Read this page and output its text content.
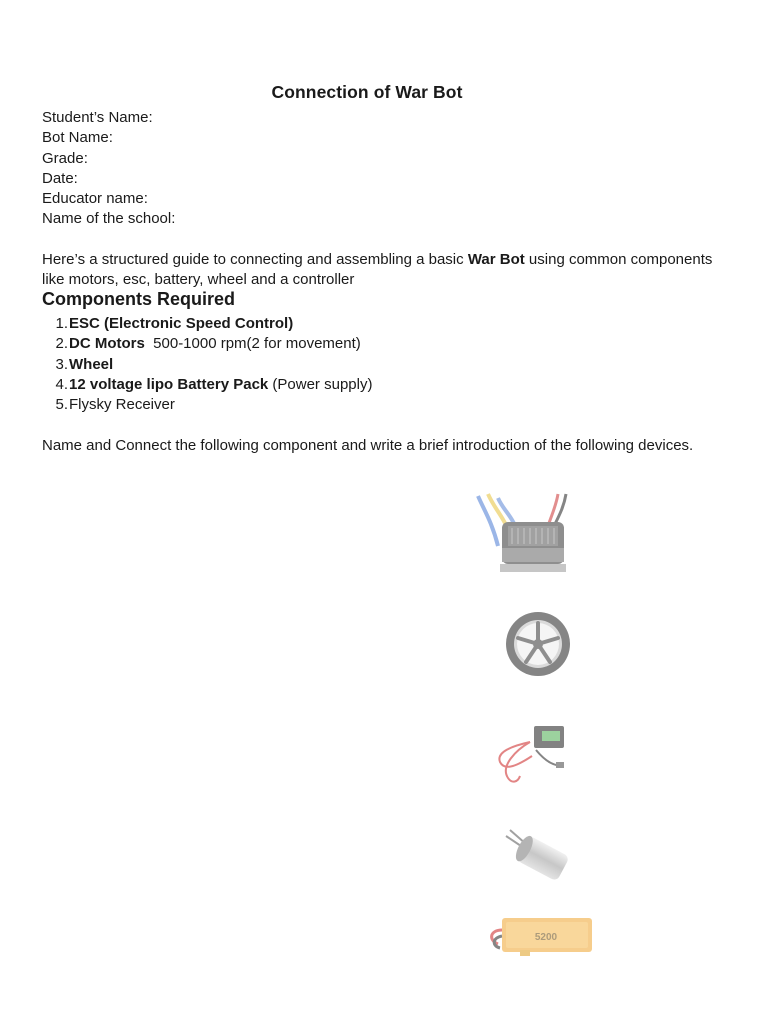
Connection of War Bot
Student’s Name:
Bot Name:
Grade:
Date:
Educator name:
Name of the school:
Here’s a structured guide to connecting and assembling a basic War Bot using common components like motors, esc, battery, wheel and a controller
Components Required
1. ESC (Electronic Speed Control)
2. DC Motors  500-1000 rpm(2 for movement)
3. Wheel
4. 12 voltage lipo Battery Pack (Power supply)
5. Flysky Receiver
Name and Connect the following component and write a brief introduction of the following devices.
5200
